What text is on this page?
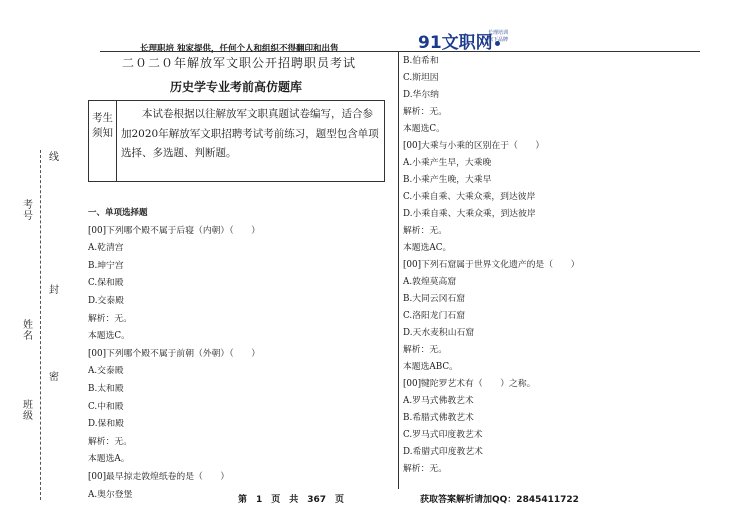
考号
姓名
班级
线
封
密
长理职培 独家提供，任何个人和组织不得翻印和出售	91文职网
长理培训
旗下品牌
二０二０年解放军文职公开招聘职员考试
历史学专业考前高仿题库
考生须知
本试卷根据以往解放军文职真题试卷编写，适合参加2020年解放军文职招聘考试考前练习，题型包含单项选择、多选题、判断题。
一、单项选择题
[00]下列哪个殿不属于后寝（内朝）（　　）
A.乾清宫
B.坤宁宫
C.保和殿
D.交泰殿
解析：无。
本题选C。
[00]下列哪个殿不属于前朝（外朝）（　　）
A.交泰殿
B.太和殿
C.中和殿
D.保和殿
解析：无。
本题选A。
[00]最早掠走敦煌纸卷的是（　　）
A.奥尔登堡
B.伯希和
C.斯坦因
D.华尔纳
解析：无。
本题选C。
[00]大乘与小乘的区别在于（　　）
A.小乘产生早，大乘晚
B.小乘产生晚，大乘早
C.小乘自乘、大乘众乘，到达彼岸
D.小乘自乘、大乘众乘，到达彼岸
解析：无。
本题选AC。
[00]下列石窟属于世界文化遗产的是（　　）
A.敦煌莫高窟
B.大同云冈石窟
C.洛阳龙门石窟
D.天水麦积山石窟
解析：无。
本题选ABC。
[00]犍陀罗艺术有（　　）之称。
A.罗马式佛教艺术
B.希腊式佛教艺术
C.罗马式印度教艺术
D.希腊式印度教艺术
解析：无。
第　1　页　共　367　页	获取答案解析请加QQ：2845411722
